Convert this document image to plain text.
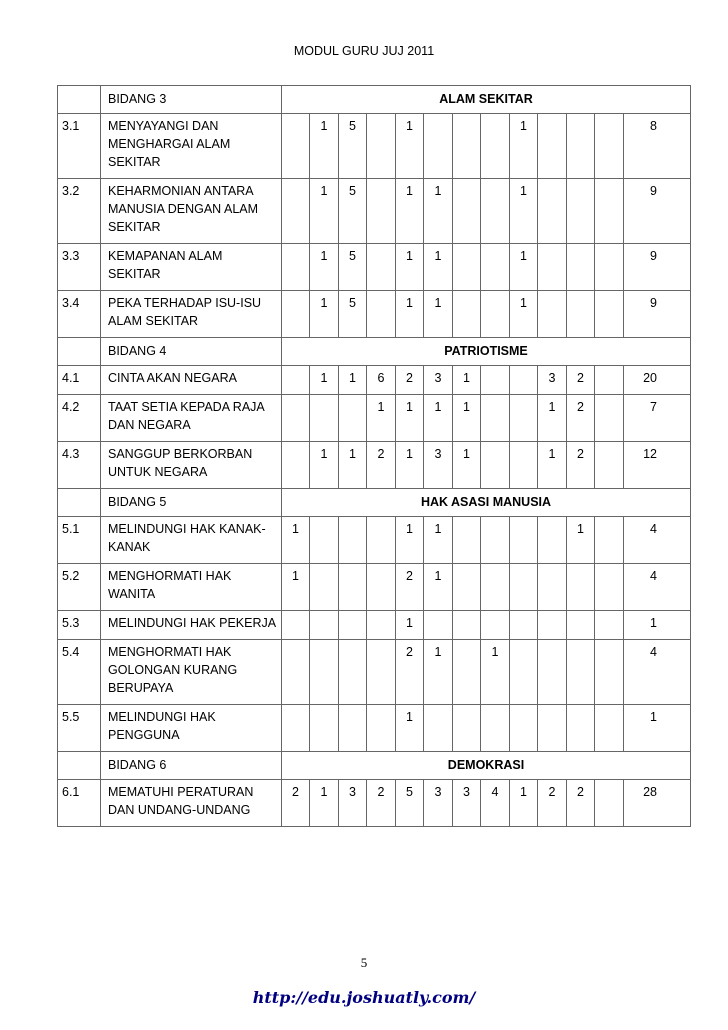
MODUL GURU JUJ 2011
	BIDANG 3	ALAM SEKITAR												
3.1	MENYAYANGI DAN MENGHARGAI ALAM SEKITAR		1	5		1				1				8
3.2	KEHARMONIAN ANTARA MANUSIA DENGAN ALAM SEKITAR		1	5		1	1			1				9
3.3	KEMAPANAN ALAM SEKITAR		1	5		1	1			1				9
3.4	PEKA TERHADAP ISU-ISU ALAM SEKITAR		1	5		1	1			1				9
	BIDANG 4	PATRIOTISME												
4.1	CINTA AKAN NEGARA		1	1	6	2	3	1			3	2		20
4.2	TAAT SETIA KEPADA RAJA DAN NEGARA				1	1	1	1			1	2		7
4.3	SANGGUP BERKORBAN UNTUK NEGARA		1	1	2	1	3	1			1	2		12
	BIDANG 5	HAK ASASI MANUSIA												
5.1	MELINDUNGI HAK KANAK-KANAK	1				1	1					1		4
5.2	MENGHORMATI HAK WANITA	1				2	1							4
5.3	MELINDUNGI HAK PEKERJA					1								1
5.4	MENGHORMATI HAK GOLONGAN KURANG BERUPAYA					2	1		1					4
5.5	MELINDUNGI HAK PENGGUNA					1								1
	BIDANG 6	DEMOKRASI												
6.1	MEMATUHI PERATURAN DAN UNDANG-UNDANG	2	1	3	2	5	3	3	4	1	2	2		28
5
http://edu.joshuatly.com/
